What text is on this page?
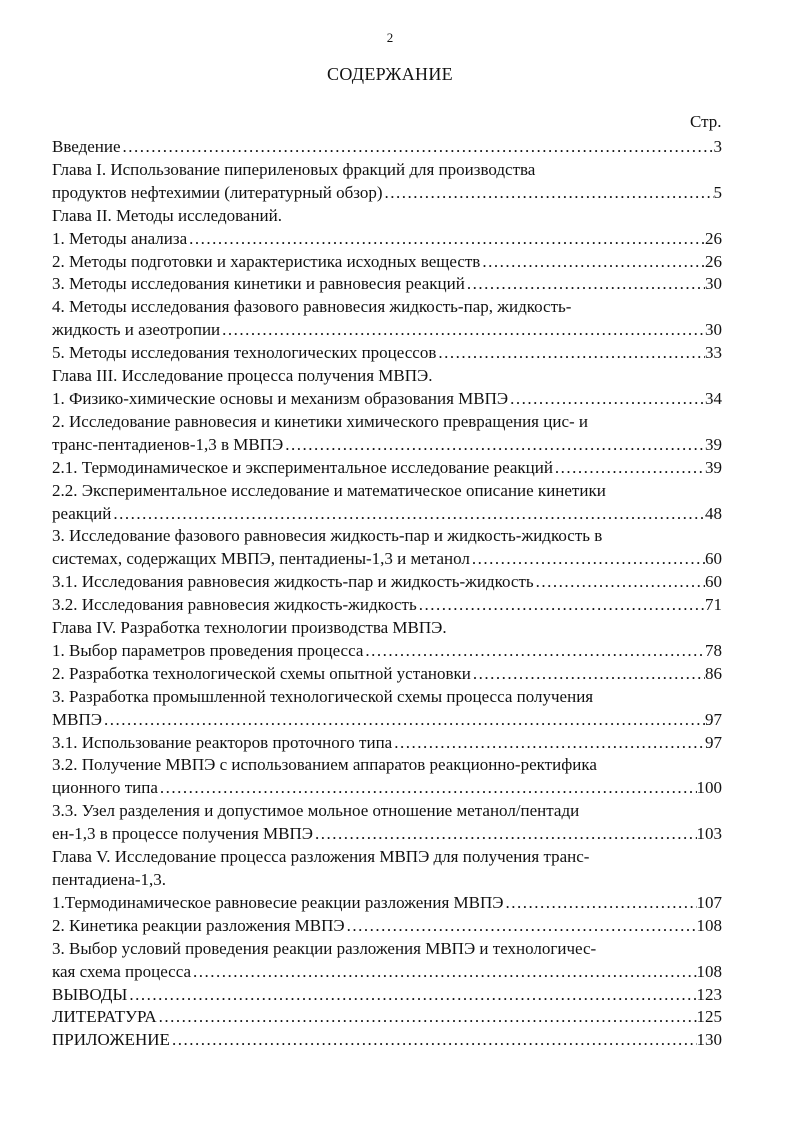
2
СОДЕРЖАНИЕ
Стр.
Введение .....	3
Глава I. Использование пипериленовых фракций для производства
продуктов нефтехимии (литературный обзор) .....	5
Глава II. Методы исследований.
1. Методы анализа .....	26
2. Методы подготовки и характеристика исходных веществ .....	26
3. Методы исследования кинетики и равновесия реакций .....	30
4. Методы исследования фазового равновесия жидкость-пар, жидкость-
жидкость и азеотропии .....	30
5. Методы исследования технологических процессов .....	33
Глава III. Исследование процесса получения МВПЭ.
1. Физико-химические основы и механизм образования МВПЭ .....	34
2. Исследование равновесия и кинетики химического превращения цис- и
транс-пентадиенов-1,3 в МВПЭ .....	39
2.1. Термодинамическое и экспериментальное исследование реакций .....	39
2.2. Экспериментальное исследование и математическое описание кинетики
реакций .....	48
3. Исследование фазового равновесия жидкость-пар и жидкость-жидкость в
системах, содержащих МВПЭ, пентадиены-1,3 и метанол .....	60
3.1. Исследования равновесия жидкость-пар и жидкость-жидкость .....	60
3.2. Исследования равновесия жидкость-жидкость .....	71
Глава IV. Разработка технологии производства МВПЭ.
1. Выбор параметров проведения процесса .....	78
2. Разработка технологической схемы опытной установки .....	86
3. Разработка промышленной технологической схемы процесса получения
МВПЭ .....	97
3.1. Использование реакторов проточного типа .....	97
3.2. Получение МВПЭ с использованием аппаратов реакционно-ректифика
ционного типа .....	100
3.3. Узел разделения и допустимое мольное отношение метанол/пентади
ен-1,3 в процессе получения МВПЭ .....	103
Глава V. Исследование процесса разложения МВПЭ для получения транс-
пентадиена-1,3.
1.Термодинамическое равновесие реакции разложения МВПЭ .....	107
2. Кинетика реакции разложения МВПЭ .....	108
3. Выбор условий проведения реакции разложения МВПЭ и технологичес-
кая схема процесса .....	108
ВЫВОДЫ .....	123
ЛИТЕРАТУРА .....	125
ПРИЛОЖЕНИЕ .....	130
